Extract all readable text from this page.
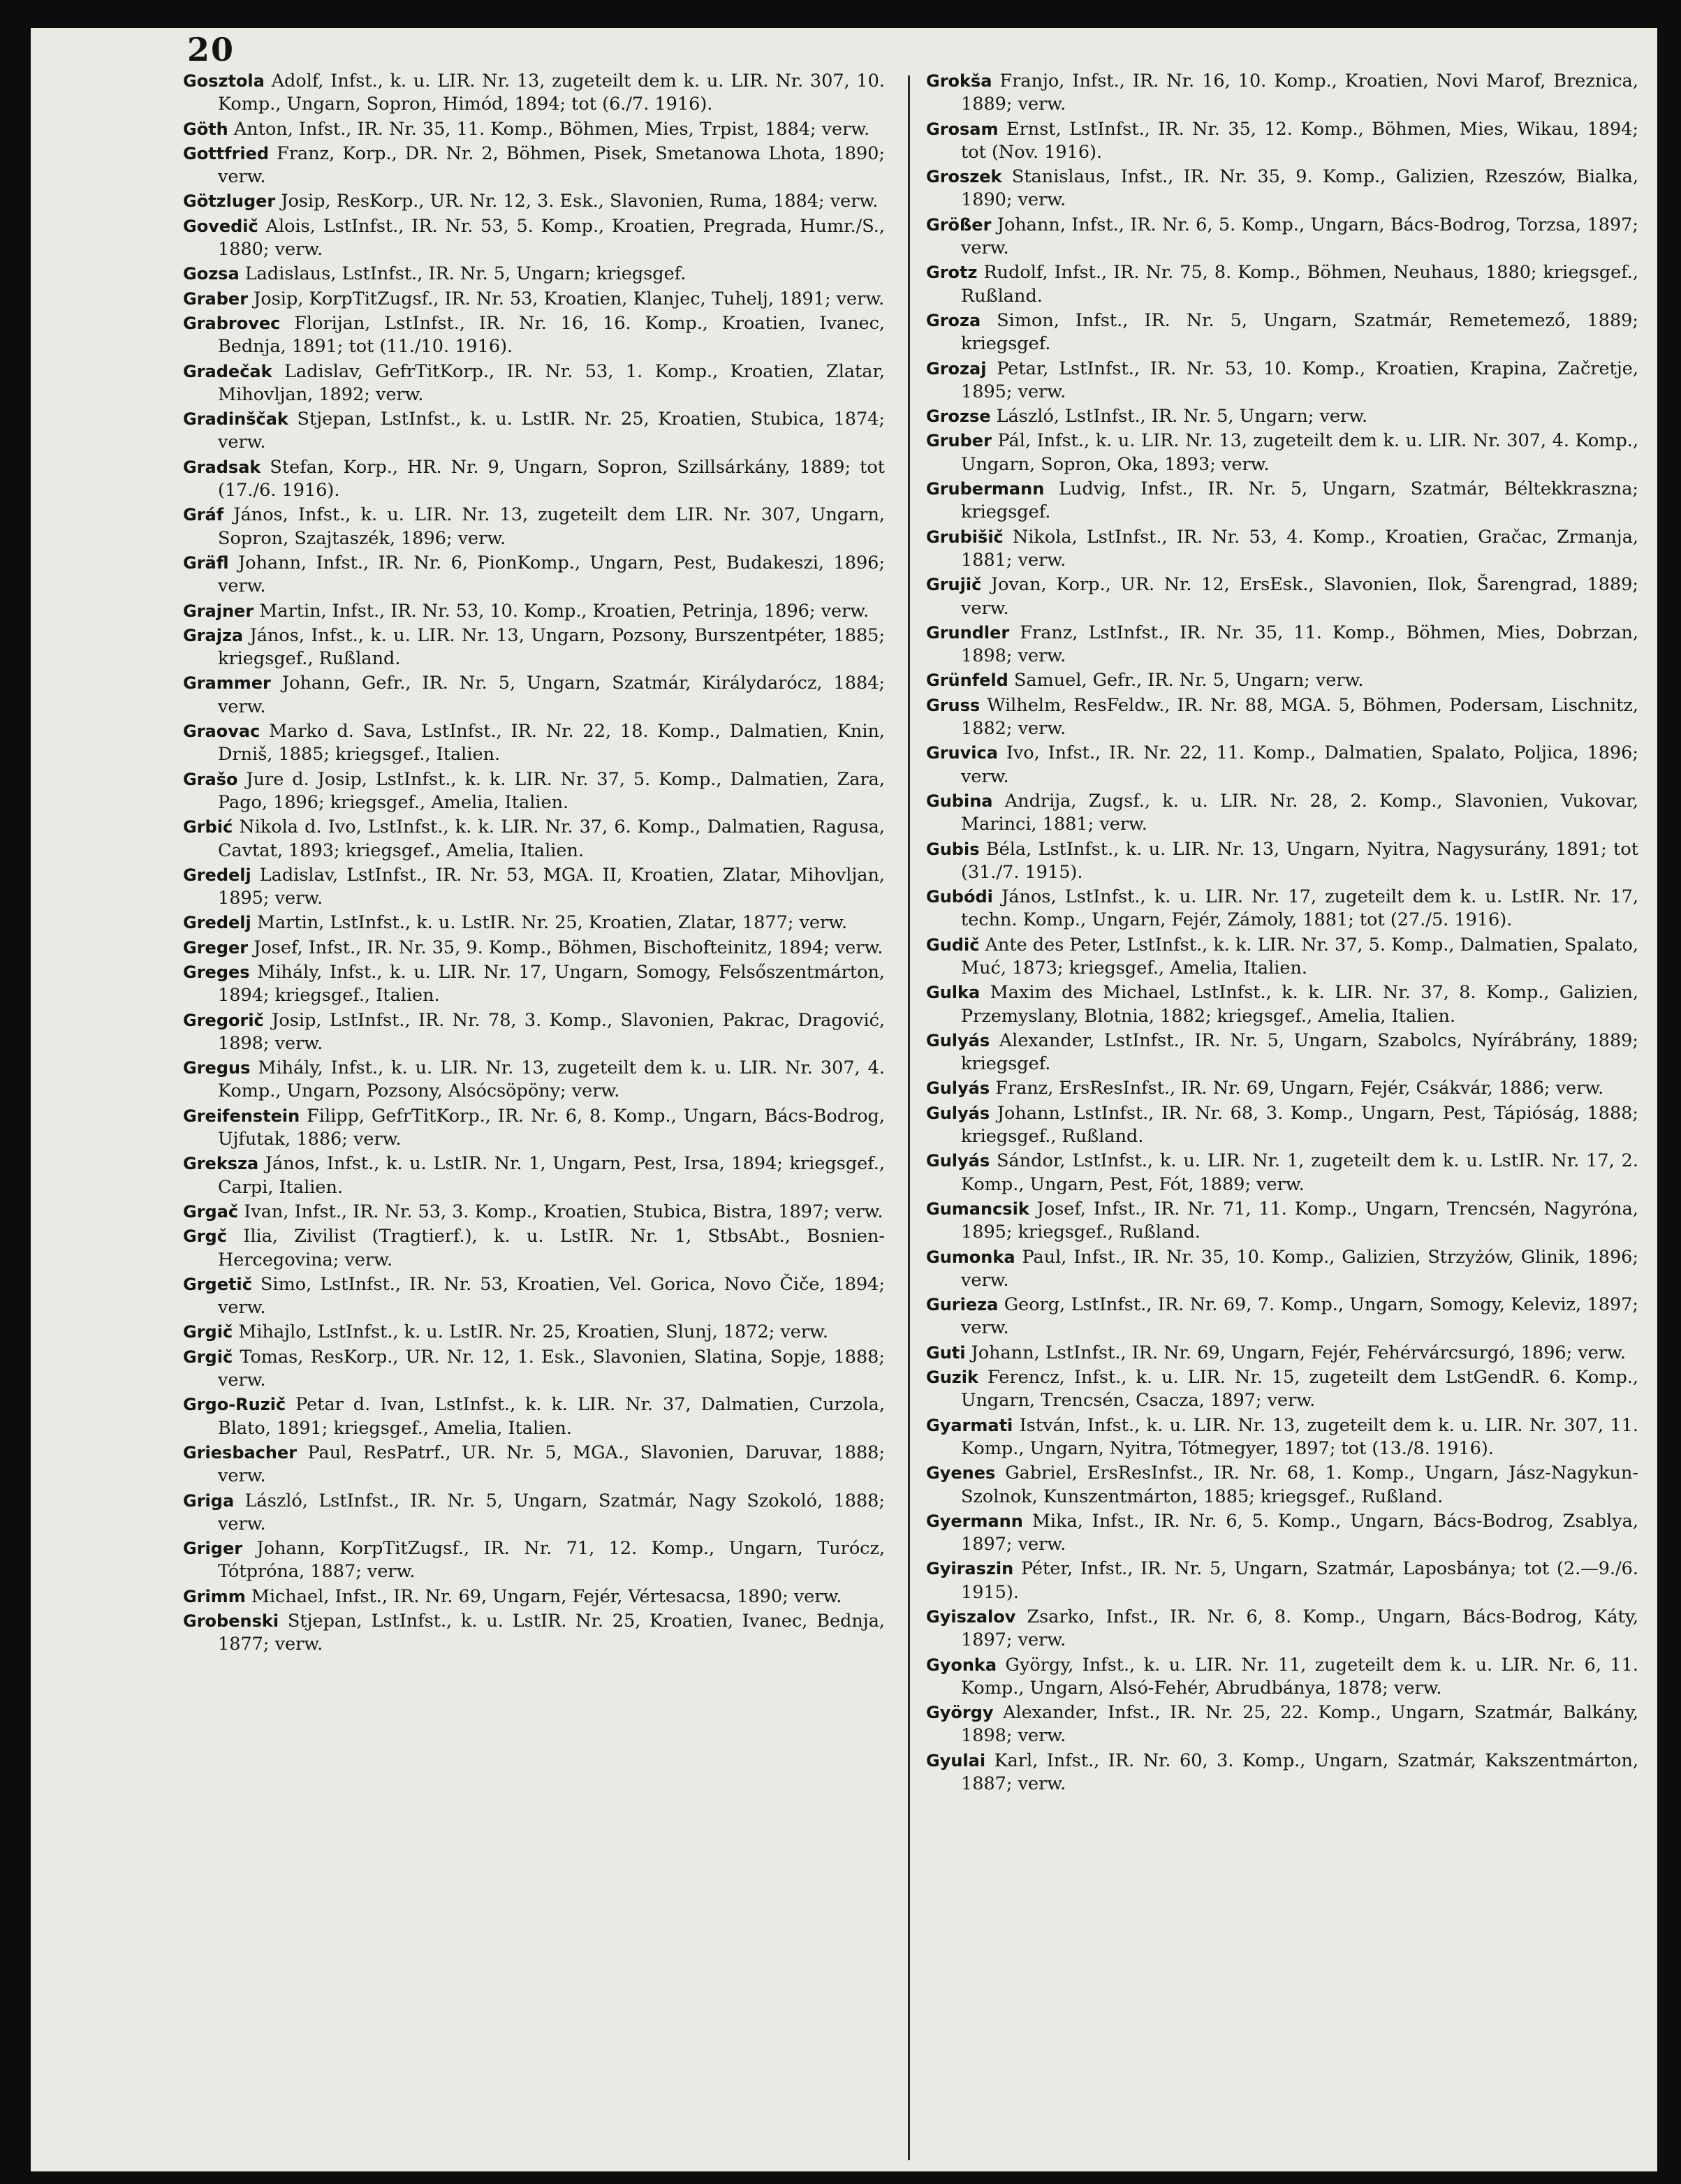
20
Gosztola Adolf, Infst., k. u. LIR. Nr. 13, zugeteilt dem k. u. LIR. Nr. 307, 10. Komp., Ungarn, Sopron, Himód, 1894; tot (6./7. 1916).
Göth Anton, Infst., IR. Nr. 35, 11. Komp., Böhmen, Mies, Trpist, 1884; verw.
Gottfried Franz, Korp., DR. Nr. 2, Böhmen, Pisek, Smetanowa Lhota, 1890; verw.
Götzluger Josip, ResKorp., UR. Nr. 12, 3. Esk., Slavonien, Ruma, 1884; verw.
Govedič Alois, LstInfst., IR. Nr. 53, 5. Komp., Kroatien, Pregrada, Humr./S., 1880; verw.
Gozsa Ladislaus, LstInfst., IR. Nr. 5, Ungarn; kriegsgef.
Graber Josip, KorpTitZugsf., IR. Nr. 53, Kroatien, Klanjec, Tuhelj, 1891; verw.
Grabrovec Florijan, LstInfst., IR. Nr. 16, 16. Komp., Kroatien, Ivanec, Bednja, 1891; tot (11./10. 1916).
Gradečak Ladislav, GefrTitKorp., IR. Nr. 53, 1. Komp., Kroatien, Zlatar, Mihovljan, 1892; verw.
Gradinščak Stjepan, LstInfst., k. u. LstIR. Nr. 25, Kroatien, Stubica, 1874; verw.
Gradsak Stefan, Korp., HR. Nr. 9, Ungarn, Sopron, Szillsárkány, 1889; tot (17./6. 1916).
Gráf János, Infst., k. u. LIR. Nr. 13, zugeteilt dem LIR. Nr. 307, Ungarn, Sopron, Szajtaszék, 1896; verw.
Gräfl Johann, Infst., IR. Nr. 6, PionKomp., Ungarn, Pest, Budakeszi, 1896; verw.
Grajner Martin, Infst., IR. Nr. 53, 10. Komp., Kroatien, Petrinja, 1896; verw.
Grajza János, Infst., k. u. LIR. Nr. 13, Ungarn, Pozsony, Burszentpéter, 1885; kriegsgef., Rußland.
Grammer Johann, Gefr., IR. Nr. 5, Ungarn, Szatmár, Királydarócz, 1884; verw.
Graovac Marko d. Sava, LstInfst., IR. Nr. 22, 18. Komp., Dalmatien, Knin, Drniš, 1885; kriegsgef., Italien.
Grašo Jure d. Josip, LstInfst., k. k. LIR. Nr. 37, 5. Komp., Dalmatien, Zara, Pago, 1896; kriegsgef., Amelia, Italien.
Grbić Nikola d. Ivo, LstInfst., k. k. LIR. Nr. 37, 6. Komp., Dalmatien, Ragusa, Cavtat, 1893; kriegsgef., Amelia, Italien.
Gredelj Ladislav, LstInfst., IR. Nr. 53, MGA. II, Kroatien, Zlatar, Mihovljan, 1895; verw.
Gredelj Martin, LstInfst., k. u. LstIR. Nr. 25, Kroatien, Zlatar, 1877; verw.
Greger Josef, Infst., IR. Nr. 35, 9. Komp., Böhmen, Bischofteinitz, 1894; verw.
Greges Mihály, Infst., k. u. LIR. Nr. 17, Ungarn, Somogy, Felsőszentmárton, 1894; kriegsgef., Italien.
Gregorič Josip, LstInfst., IR. Nr. 78, 3. Komp., Slavonien, Pakrac, Dragović, 1898; verw.
Gregus Mihály, Infst., k. u. LIR. Nr. 13, zugeteilt dem k. u. LIR. Nr. 307, 4. Komp., Ungarn, Pozsony, Alsócsöpöny; verw.
Greifenstein Filipp, GefrTitKorp., IR. Nr. 6, 8. Komp., Ungarn, Bács-Bodrog, Ujfutak, 1886; verw.
Greksza János, Infst., k. u. LstIR. Nr. 1, Ungarn, Pest, Irsa, 1894; kriegsgef., Carpi, Italien.
Grgač Ivan, Infst., IR. Nr. 53, 3. Komp., Kroatien, Stubica, Bistra, 1897; verw.
Grgč Ilia, Zivilist (Tragtierf.), k. u. LstIR. Nr. 1, StbsAbt., Bosnien-Hercegovina; verw.
Grgetič Simo, LstInfst., IR. Nr. 53, Kroatien, Vel. Gorica, Novo Čiče, 1894; verw.
Grgič Mihajlo, LstInfst., k. u. LstIR. Nr. 25, Kroatien, Slunj, 1872; verw.
Grgič Tomas, ResKorp., UR. Nr. 12, 1. Esk., Slavonien, Slatina, Sopje, 1888; verw.
Grgo-Ruzič Petar d. Ivan, LstInfst., k. k. LIR. Nr. 37, Dalmatien, Curzola, Blato, 1891; kriegsgef., Amelia, Italien.
Griesbacher Paul, ResPatrf., UR. Nr. 5, MGA., Slavonien, Daruvar, 1888; verw.
Griga László, LstInfst., IR. Nr. 5, Ungarn, Szatmár, Nagy Szokoló, 1888; verw.
Griger Johann, KorpTitZugsf., IR. Nr. 71, 12. Komp., Ungarn, Turócz, Tótpróna, 1887; verw.
Grimm Michael, Infst., IR. Nr. 69, Ungarn, Fejér, Vértesacsa, 1890; verw.
Grobenski Stjepan, LstInfst., k. u. LstIR. Nr. 25, Kroatien, Ivanec, Bednja, 1877; verw.
Grokša Franjo, Infst., IR. Nr. 16, 10. Komp., Kroatien, Novi Marof, Breznica, 1889; verw.
Grosam Ernst, LstInfst., IR. Nr. 35, 12. Komp., Böhmen, Mies, Wikau, 1894; tot (Nov. 1916).
Groszek Stanislaus, Infst., IR. Nr. 35, 9. Komp., Galizien, Rzeszów, Bialka, 1890; verw.
Größer Johann, Infst., IR. Nr. 6, 5. Komp., Ungarn, Bács-Bodrog, Torzsa, 1897; verw.
Grotz Rudolf, Infst., IR. Nr. 75, 8. Komp., Böhmen, Neuhaus, 1880; kriegsgef., Rußland.
Groza Simon, Infst., IR. Nr. 5, Ungarn, Szatmár, Remetemező, 1889; kriegsgef.
Grozaj Petar, LstInfst., IR. Nr. 53, 10. Komp., Kroatien, Krapina, Začretje, 1895; verw.
Grozse László, LstInfst., IR. Nr. 5, Ungarn; verw.
Gruber Pál, Infst., k. u. LIR. Nr. 13, zugeteilt dem k. u. LIR. Nr. 307, 4. Komp., Ungarn, Sopron, Oka, 1893; verw.
Grubermann Ludvig, Infst., IR. Nr. 5, Ungarn, Szatmár, Béltekkraszna; kriegsgef.
Grubišič Nikola, LstInfst., IR. Nr. 53, 4. Komp., Kroatien, Gračac, Zrmanja, 1881; verw.
Grujič Jovan, Korp., UR. Nr. 12, ErsEsk., Slavonien, Ilok, Šarengrad, 1889; verw.
Grundler Franz, LstInfst., IR. Nr. 35, 11. Komp., Böhmen, Mies, Dobrzan, 1898; verw.
Grünfeld Samuel, Gefr., IR. Nr. 5, Ungarn; verw.
Gruss Wilhelm, ResFeldw., IR. Nr. 88, MGA. 5, Böhmen, Podersam, Lischnitz, 1882; verw.
Gruvica Ivo, Infst., IR. Nr. 22, 11. Komp., Dalmatien, Spalato, Poljica, 1896; verw.
Gubina Andrija, Zugsf., k. u. LIR. Nr. 28, 2. Komp., Slavonien, Vukovar, Marinci, 1881; verw.
Gubis Béla, LstInfst., k. u. LIR. Nr. 13, Ungarn, Nyitra, Nagysurány, 1891; tot (31./7. 1915).
Gubódi János, LstInfst., k. u. LIR. Nr. 17, zugeteilt dem k. u. LstIR. Nr. 17, techn. Komp., Ungarn, Fejér, Zámoly, 1881; tot (27./5. 1916).
Gudič Ante des Peter, LstInfst., k. k. LIR. Nr. 37, 5. Komp., Dalmatien, Spalato, Muć, 1873; kriegsgef., Amelia, Italien.
Gulka Maxim des Michael, LstInfst., k. k. LIR. Nr. 37, 8. Komp., Galizien, Przemyslany, Blotnia, 1882; kriegsgef., Amelia, Italien.
Gulyás Alexander, LstInfst., IR. Nr. 5, Ungarn, Szabolcs, Nyírábrány, 1889; kriegsgef.
Gulyás Franz, ErsResInfst., IR. Nr. 69, Ungarn, Fejér, Csákvár, 1886; verw.
Gulyás Johann, LstInfst., IR. Nr. 68, 3. Komp., Ungarn, Pest, Tápióság, 1888; kriegsgef., Rußland.
Gulyás Sándor, LstInfst., k. u. LIR. Nr. 1, zugeteilt dem k. u. LstIR. Nr. 17, 2. Komp., Ungarn, Pest, Fót, 1889; verw.
Gumancsik Josef, Infst., IR. Nr. 71, 11. Komp., Ungarn, Trencsén, Nagyróna, 1895; kriegsgef., Rußland.
Gumonka Paul, Infst., IR. Nr. 35, 10. Komp., Galizien, Strzyżów, Glinik, 1896; verw.
Gurieza Georg, LstInfst., IR. Nr. 69, 7. Komp., Ungarn, Somogy, Keleviz, 1897; verw.
Guti Johann, LstInfst., IR. Nr. 69, Ungarn, Fejér, Fehérvárcsurgó, 1896; verw.
Guzik Ferencz, Infst., k. u. LIR. Nr. 15, zugeteilt dem LstGendR. 6. Komp., Ungarn, Trencsén, Csacza, 1897; verw.
Gyarmati István, Infst., k. u. LIR. Nr. 13, zugeteilt dem k. u. LIR. Nr. 307, 11. Komp., Ungarn, Nyitra, Tótmegyer, 1897; tot (13./8. 1916).
Gyenes Gabriel, ErsResInfst., IR. Nr. 68, 1. Komp., Ungarn, Jász-Nagykun-Szolnok, Kunszentmárton, 1885; kriegsgef., Rußland.
Gyermann Mika, Infst., IR. Nr. 6, 5. Komp., Ungarn, Bács-Bodrog, Zsablya, 1897; verw.
Gyiraszin Péter, Infst., IR. Nr. 5, Ungarn, Szatmár, Laposbánya; tot (2.—9./6. 1915).
Gyiszalov Zsarko, Infst., IR. Nr. 6, 8. Komp., Ungarn, Bács-Bodrog, Káty, 1897; verw.
Gyonka György, Infst., k. u. LIR. Nr. 11, zugeteilt dem k. u. LIR. Nr. 6, 11. Komp., Ungarn, Alsó-Fehér, Abrudbánya, 1878; verw.
György Alexander, Infst., IR. Nr. 25, 22. Komp., Ungarn, Szatmár, Balkány, 1898; verw.
Gyulai Karl, Infst., IR. Nr. 60, 3. Komp., Ungarn, Szatmár, Kakszentmárton, 1887; verw.
